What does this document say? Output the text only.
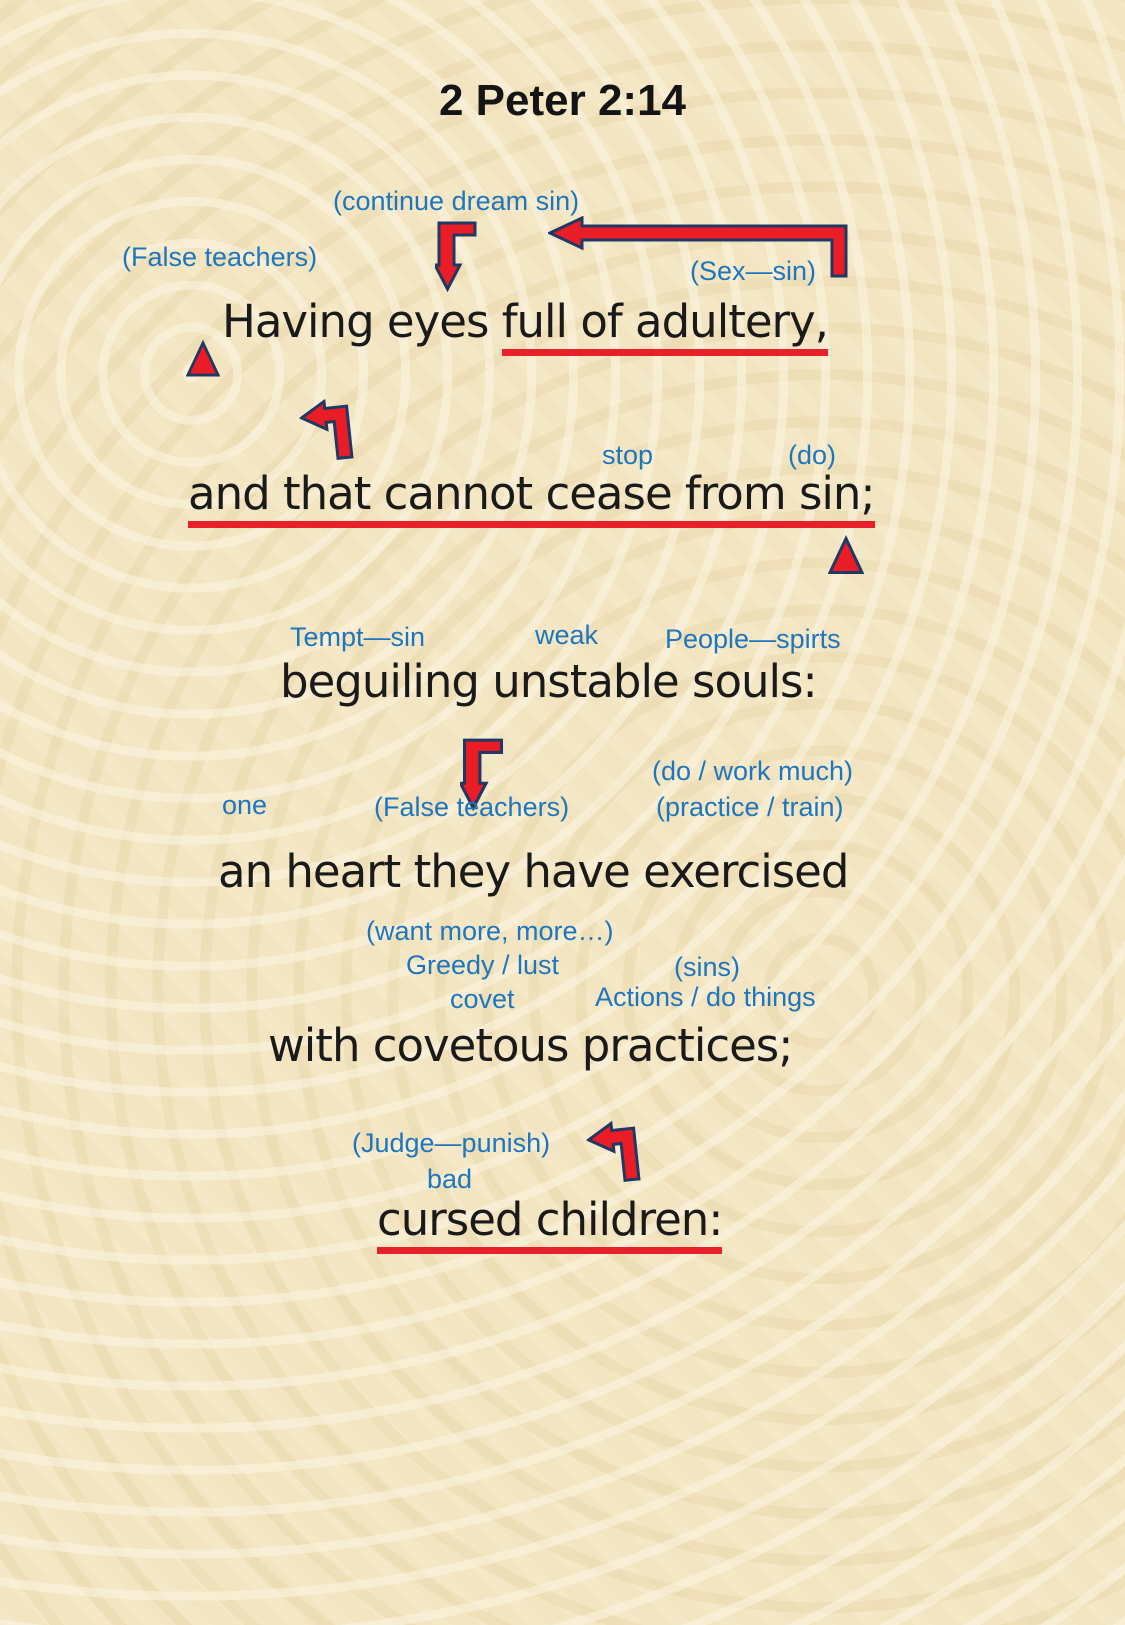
2 Peter 2:14
(continue dream sin)
(False teachers)	(Sex—sin)
Having eyes full of adultery,
stop	(do)
and that cannot cease from sin;
Tempt—sin	weak People—spirts
beguiling unstable souls:
(do / work much)
one	(False teachers)	(practice / train)
an heart they have exercised
(want more, more…)
Greedy / lust	(sins)
covet	Actions / do things
with covetous practices;
(Judge—punish)
bad
cursed children:
